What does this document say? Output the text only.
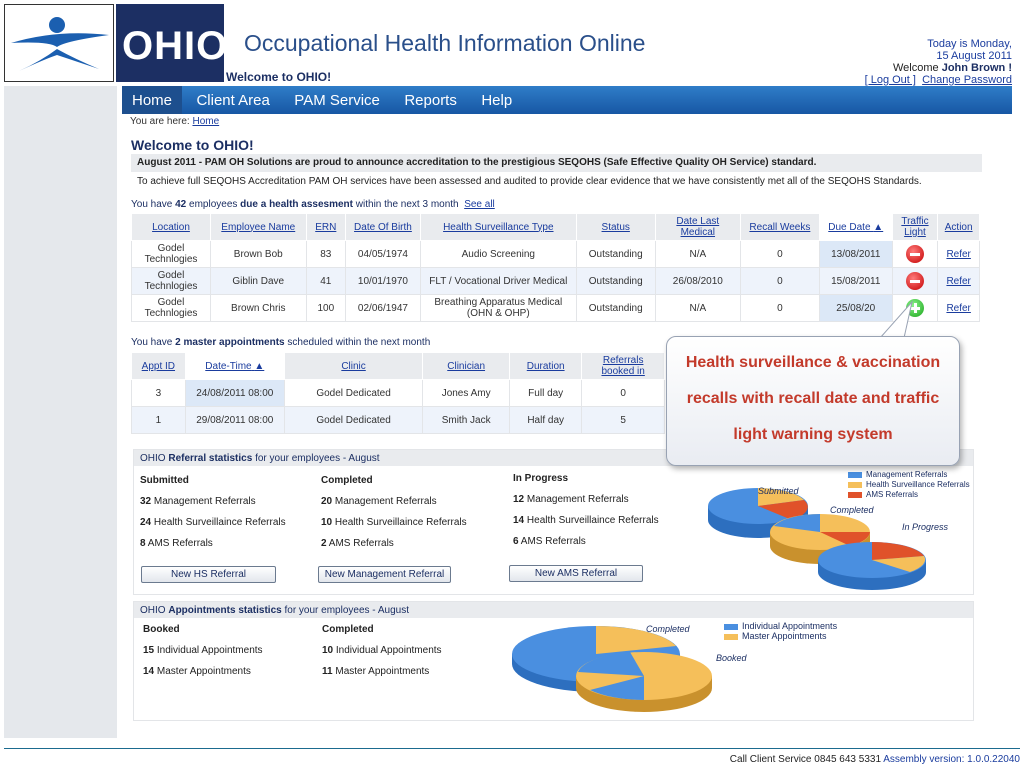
OHIO Occupational Health Information Online
Welcome to OHIO!
Today is Monday,
15 August 2011
Welcome John Brown !
[ Log Out ] Change Password
Home Client Area PAM Service Reports Help
You are here: Home
Welcome to OHIO!
August 2011 - PAM OH Solutions are proud to announce accreditation to the prestigious SEQOHS (Safe Effective Quality OH Service) standard.
To achieve full SEQOHS Accreditation PAM OH services have been assessed and audited to provide clear evidence that we have consistently met all of the SEQOHS Standards.
You have 42 employees due a health assesment within the next 3 month See all
Location	Employee Name	ERN	Date Of Birth	Health Surveillance Type	Status	Date Last Medical	Recall Weeks	Due Date ▲	Traffic Light	Action
Godel Technlogies	Brown Bob	83	04/05/1974	Audio Screening	Outstanding	N/A	0	13/08/2011		Refer
Godel Technlogies	Giblin Dave	41	10/01/1970	FLT / Vocational Driver Medical	Outstanding	26/08/2010	0	15/08/2011		Refer
Godel Technlogies	Brown Chris	100	02/06/1947	Breathing Apparatus Medical (OHN & OHP)	Outstanding	N/A	0	25/08/20		Refer
You have 2 master appointments scheduled within the next month
Appt ID	Date-Time ▲	Clinic	Clinician	Duration	Referrals booked in
3	24/08/2011 08:00	Godel Dedicated	Jones Amy	Full day	0
1	29/08/2011 08:00	Godel Dedicated	Smith Jack	Half day	5
OHIO Referral statistics for your employees - August
Submitted
32 Management Referrals
24 Health Surveillaince Referrals
8 AMS Referrals
Completed
20 Management Referrals
10 Health Surveillaince Referrals
2 AMS Referrals
In Progress
12 Management Referrals
14 Health Surveillaince Referrals
6 AMS Referrals
New HS Referral	New Management Referral	New AMS Referral
Submitted
Completed
In Progress
Management Referrals
Health Surveillance Referrals
AMS Referrals
OHIO Appointments statistics for your employees - August
Booked
15 Individual Appointments
14 Master Appointments
Completed
10 Individual Appointments
11 Master Appointments
Completed
Booked
Individual Appointments
Master Appointments
Health surveillance & vaccination
recalls with recall date and traffic
light warning system
Call Client Service 0845 643 5331 Assembly version: 1.0.0.22040
